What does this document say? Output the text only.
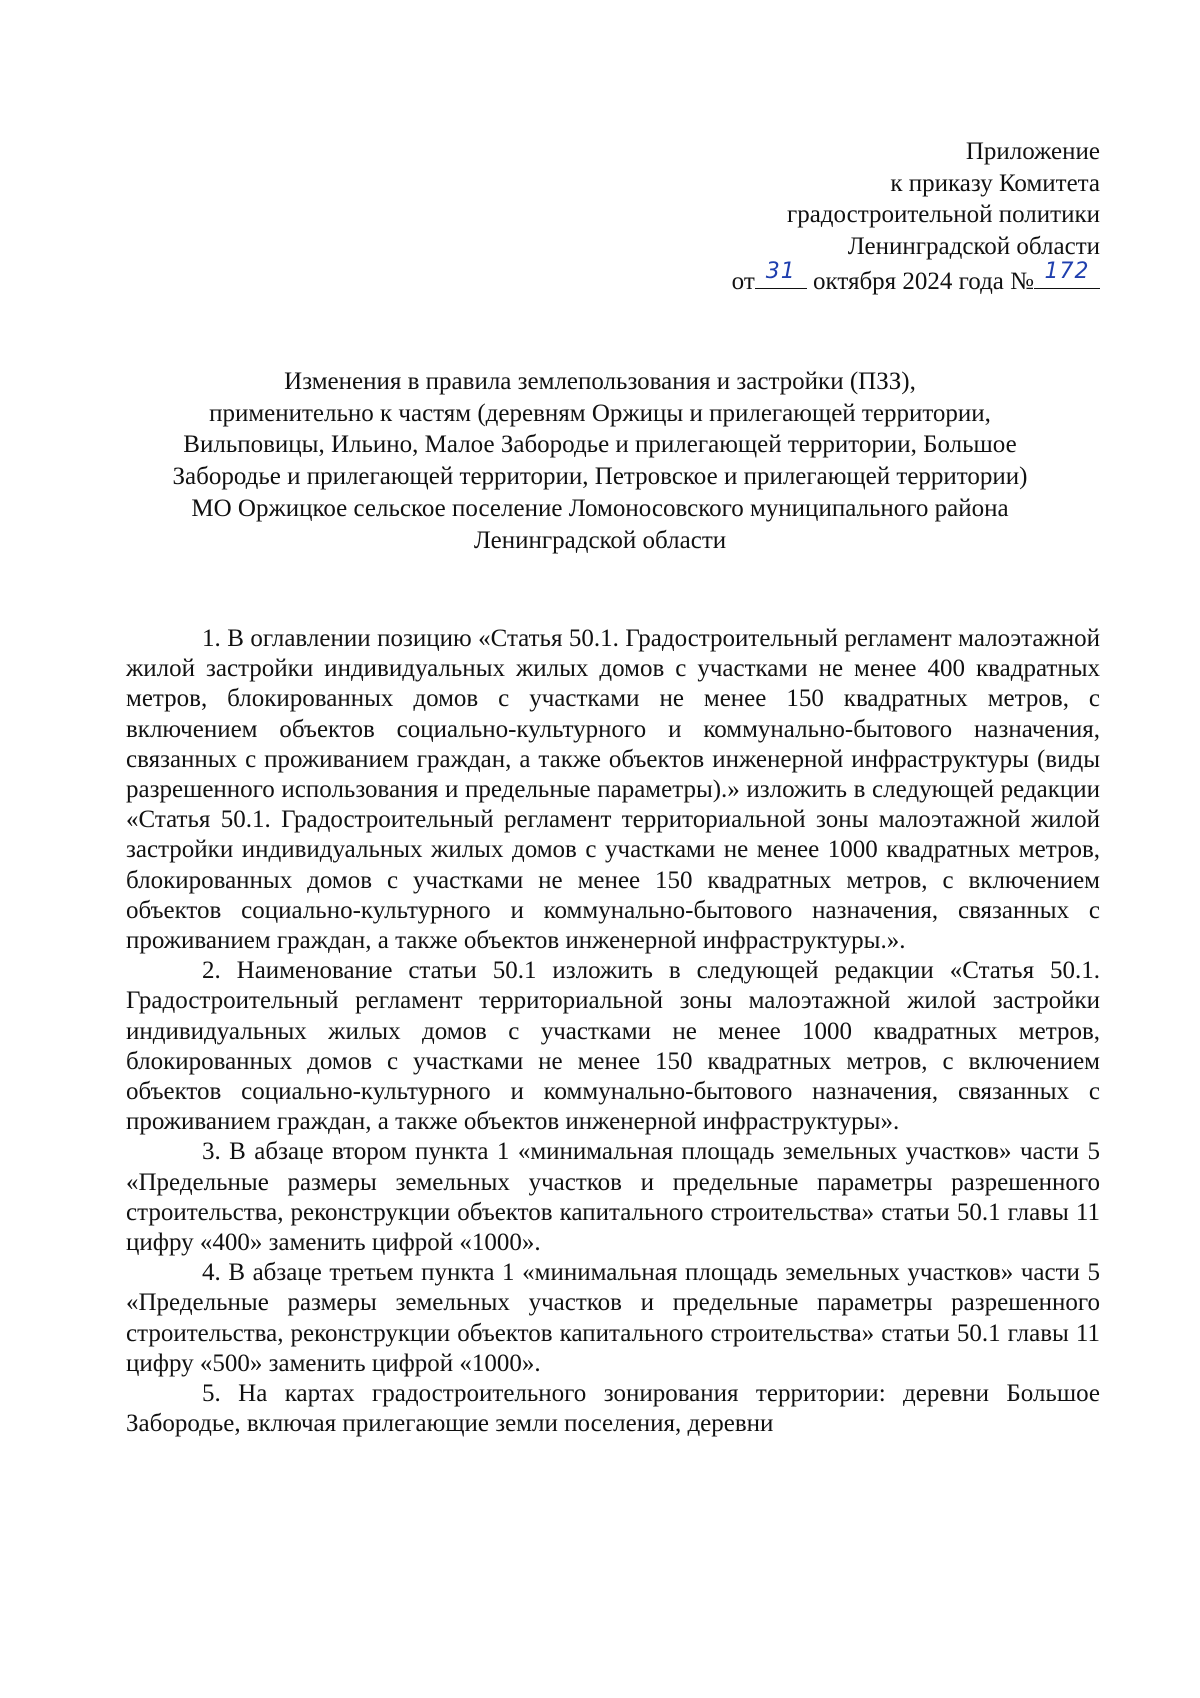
Приложение
к приказу Комитета
градостроительной политики
Ленинградской области
от 31 октября 2024 года № 172
Изменения в правила землепользования и застройки (ПЗЗ),
применительно к частям (деревням Оржицы и прилегающей территории,
Вильповицы, Ильино, Малое Забородье и прилегающей территории, Большое
Забородье и прилегающей территории, Петровское и прилегающей территории)
МО Оржицкое сельское поселение Ломоносовского муниципального района
Ленинградской области

1. В оглавлении позицию «Статья 50.1. Градостроительный регламент малоэтажной жилой застройки индивидуальных жилых домов с участками не менее 400 квадратных метров, блокированных домов с участками не менее 150 квадратных метров, с включением объектов социально-культурного и коммунально-бытового назначения, связанных с проживанием граждан, а также объектов инженерной инфраструктуры (виды разрешенного использования и предельные параметры).» изложить в следующей редакции «Статья 50.1. Градостроительный регламент территориальной зоны малоэтажной жилой застройки индивидуальных жилых домов с участками не менее 1000 квадратных метров, блокированных домов с участками не менее 150 квадратных метров, с включением объектов социально-культурного и коммунально-бытового назначения, связанных с проживанием граждан, а также объектов инженерной инфраструктуры.».

2. Наименование статьи 50.1 изложить в следующей редакции «Статья 50.1. Градостроительный регламент территориальной зоны малоэтажной жилой застройки индивидуальных жилых домов с участками не менее 1000 квадратных метров, блокированных домов с участками не менее 150 квадратных метров, с включением объектов социально-культурного и коммунально-бытового назначения, связанных с проживанием граждан, а также объектов инженерной инфраструктуры».

3. В абзаце втором пункта 1 «минимальная площадь земельных участков» части 5 «Предельные размеры земельных участков и предельные параметры разрешенного строительства, реконструкции объектов капитального строительства» статьи 50.1 главы 11 цифру «400» заменить цифрой «1000».

4. В абзаце третьем пункта 1 «минимальная площадь земельных участков» части 5 «Предельные размеры земельных участков и предельные параметры разрешенного строительства, реконструкции объектов капитального строительства» статьи 50.1 главы 11 цифру «500» заменить цифрой «1000».

5. На картах градостроительного зонирования территории: деревни Большое Забородье, включая прилегающие земли поселения, деревни
